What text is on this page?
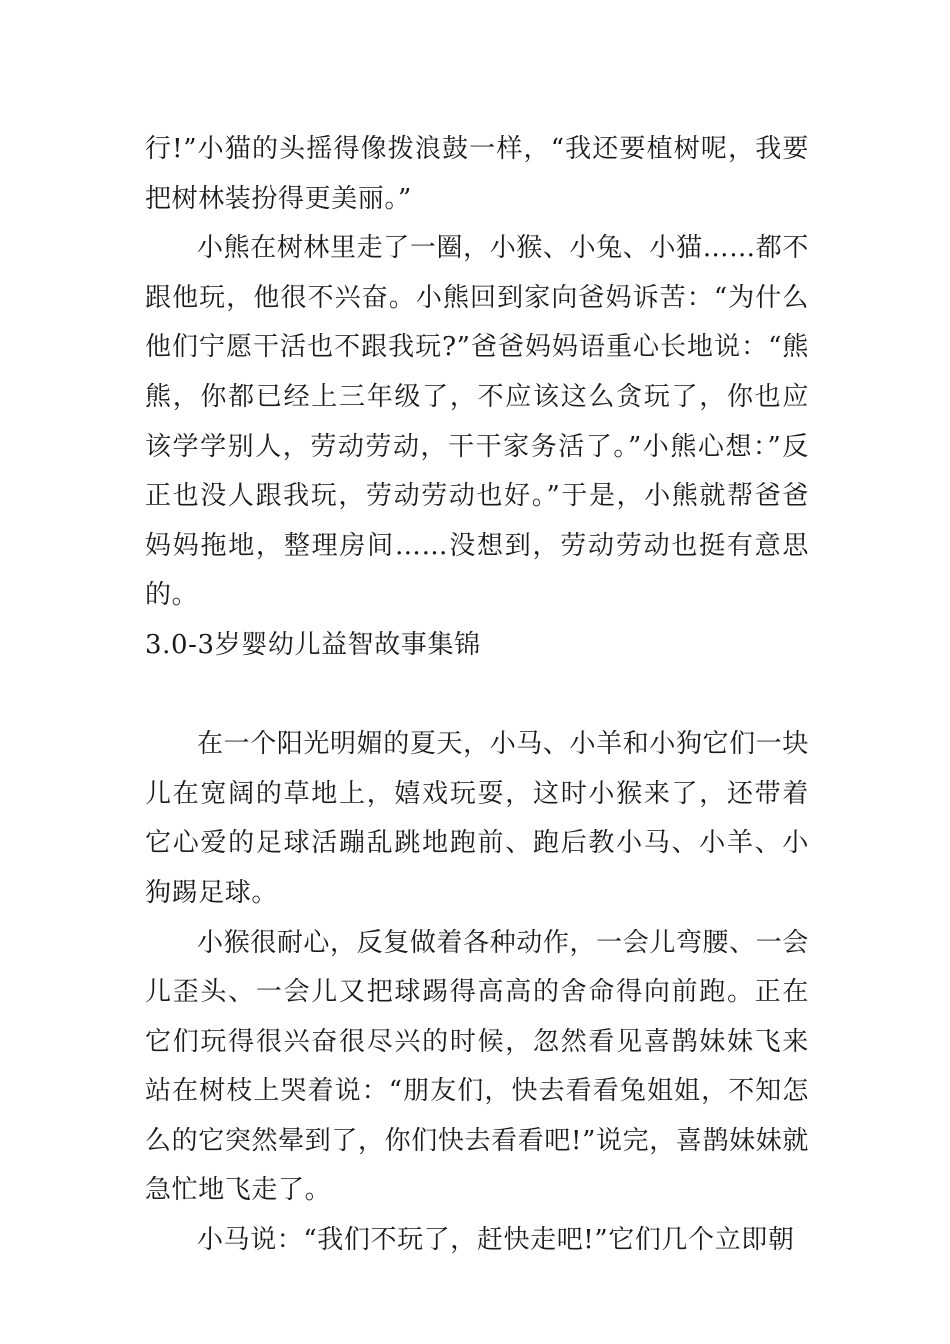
行!”小猫的头摇得像拨浪鼓一样，“我还要植树呢，我要把树林装扮得更美丽。”

小熊在树林里走了一圈，小猴、小兔、小猫……都不跟他玩，他很不兴奋。小熊回到家向爸妈诉苦：“为什么他们宁愿干活也不跟我玩?”爸爸妈妈语重心长地说：“熊熊，你都已经上三年级了，不应该这么贪玩了，你也应该学学别人，劳动劳动，干干家务活了。”小熊心想：”反正也没人跟我玩，劳动劳动也好。”于是，小熊就帮爸爸妈妈拖地，整理房间……没想到，劳动劳动也挺有意思的。

3.0-3岁婴幼儿益智故事集锦

在一个阳光明媚的夏天，小马、小羊和小狗它们一块儿在宽阔的草地上，嬉戏玩耍，这时小猴来了，还带着它心爱的足球活蹦乱跳地跑前、跑后教小马、小羊、小狗踢足球。

小猴很耐心，反复做着各种动作，一会儿弯腰、一会儿歪头、一会儿又把球踢得高高的舍命得向前跑。正在它们玩得很兴奋很尽兴的时候，忽然看见喜鹊妹妹飞来站在树枝上哭着说：“朋友们，快去看看兔姐姐，不知怎么的它突然晕到了，你们快去看看吧!”说完，喜鹊妹妹就急忙地飞走了。

小马说：“我们不玩了，赶快走吧!”它们几个立即朝
